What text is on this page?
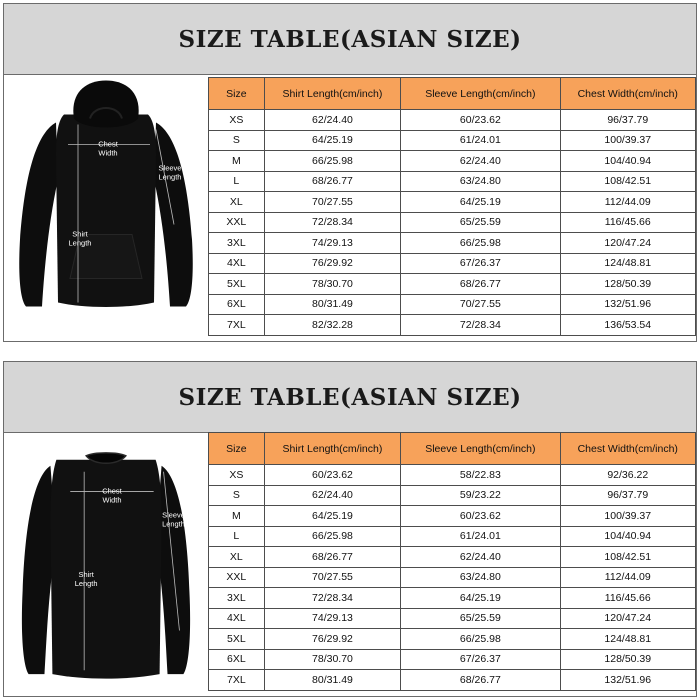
SIZE TABLE(ASIAN SIZE)
Chest
Width
Sleeve
Length
Shirt
Length
Size	Shirt Length(cm/inch)	Sleeve Length(cm/inch)	Chest Width(cm/inch)
XS	62/24.40	60/23.62	96/37.79
S	64/25.19	61/24.01	100/39.37
M	66/25.98	62/24.40	104/40.94
L	68/26.77	63/24.80	108/42.51
XL	70/27.55	64/25.19	112/44.09
XXL	72/28.34	65/25.59	116/45.66
3XL	74/29.13	66/25.98	120/47.24
4XL	76/29.92	67/26.37	124/48.81
5XL	78/30.70	68/26.77	128/50.39
6XL	80/31.49	70/27.55	132/51.96
7XL	82/32.28	72/28.34	136/53.54
SIZE TABLE(ASIAN SIZE)
Chest
Width
Sleeve
Length
Shirt
Length
Size	Shirt Length(cm/inch)	Sleeve Length(cm/inch)	Chest Width(cm/inch)
XS	60/23.62	58/22.83	92/36.22
S	62/24.40	59/23.22	96/37.79
M	64/25.19	60/23.62	100/39.37
L	66/25.98	61/24.01	104/40.94
XL	68/26.77	62/24.40	108/42.51
XXL	70/27.55	63/24.80	112/44.09
3XL	72/28.34	64/25.19	116/45.66
4XL	74/29.13	65/25.59	120/47.24
5XL	76/29.92	66/25.98	124/48.81
6XL	78/30.70	67/26.37	128/50.39
7XL	80/31.49	68/26.77	132/51.96
